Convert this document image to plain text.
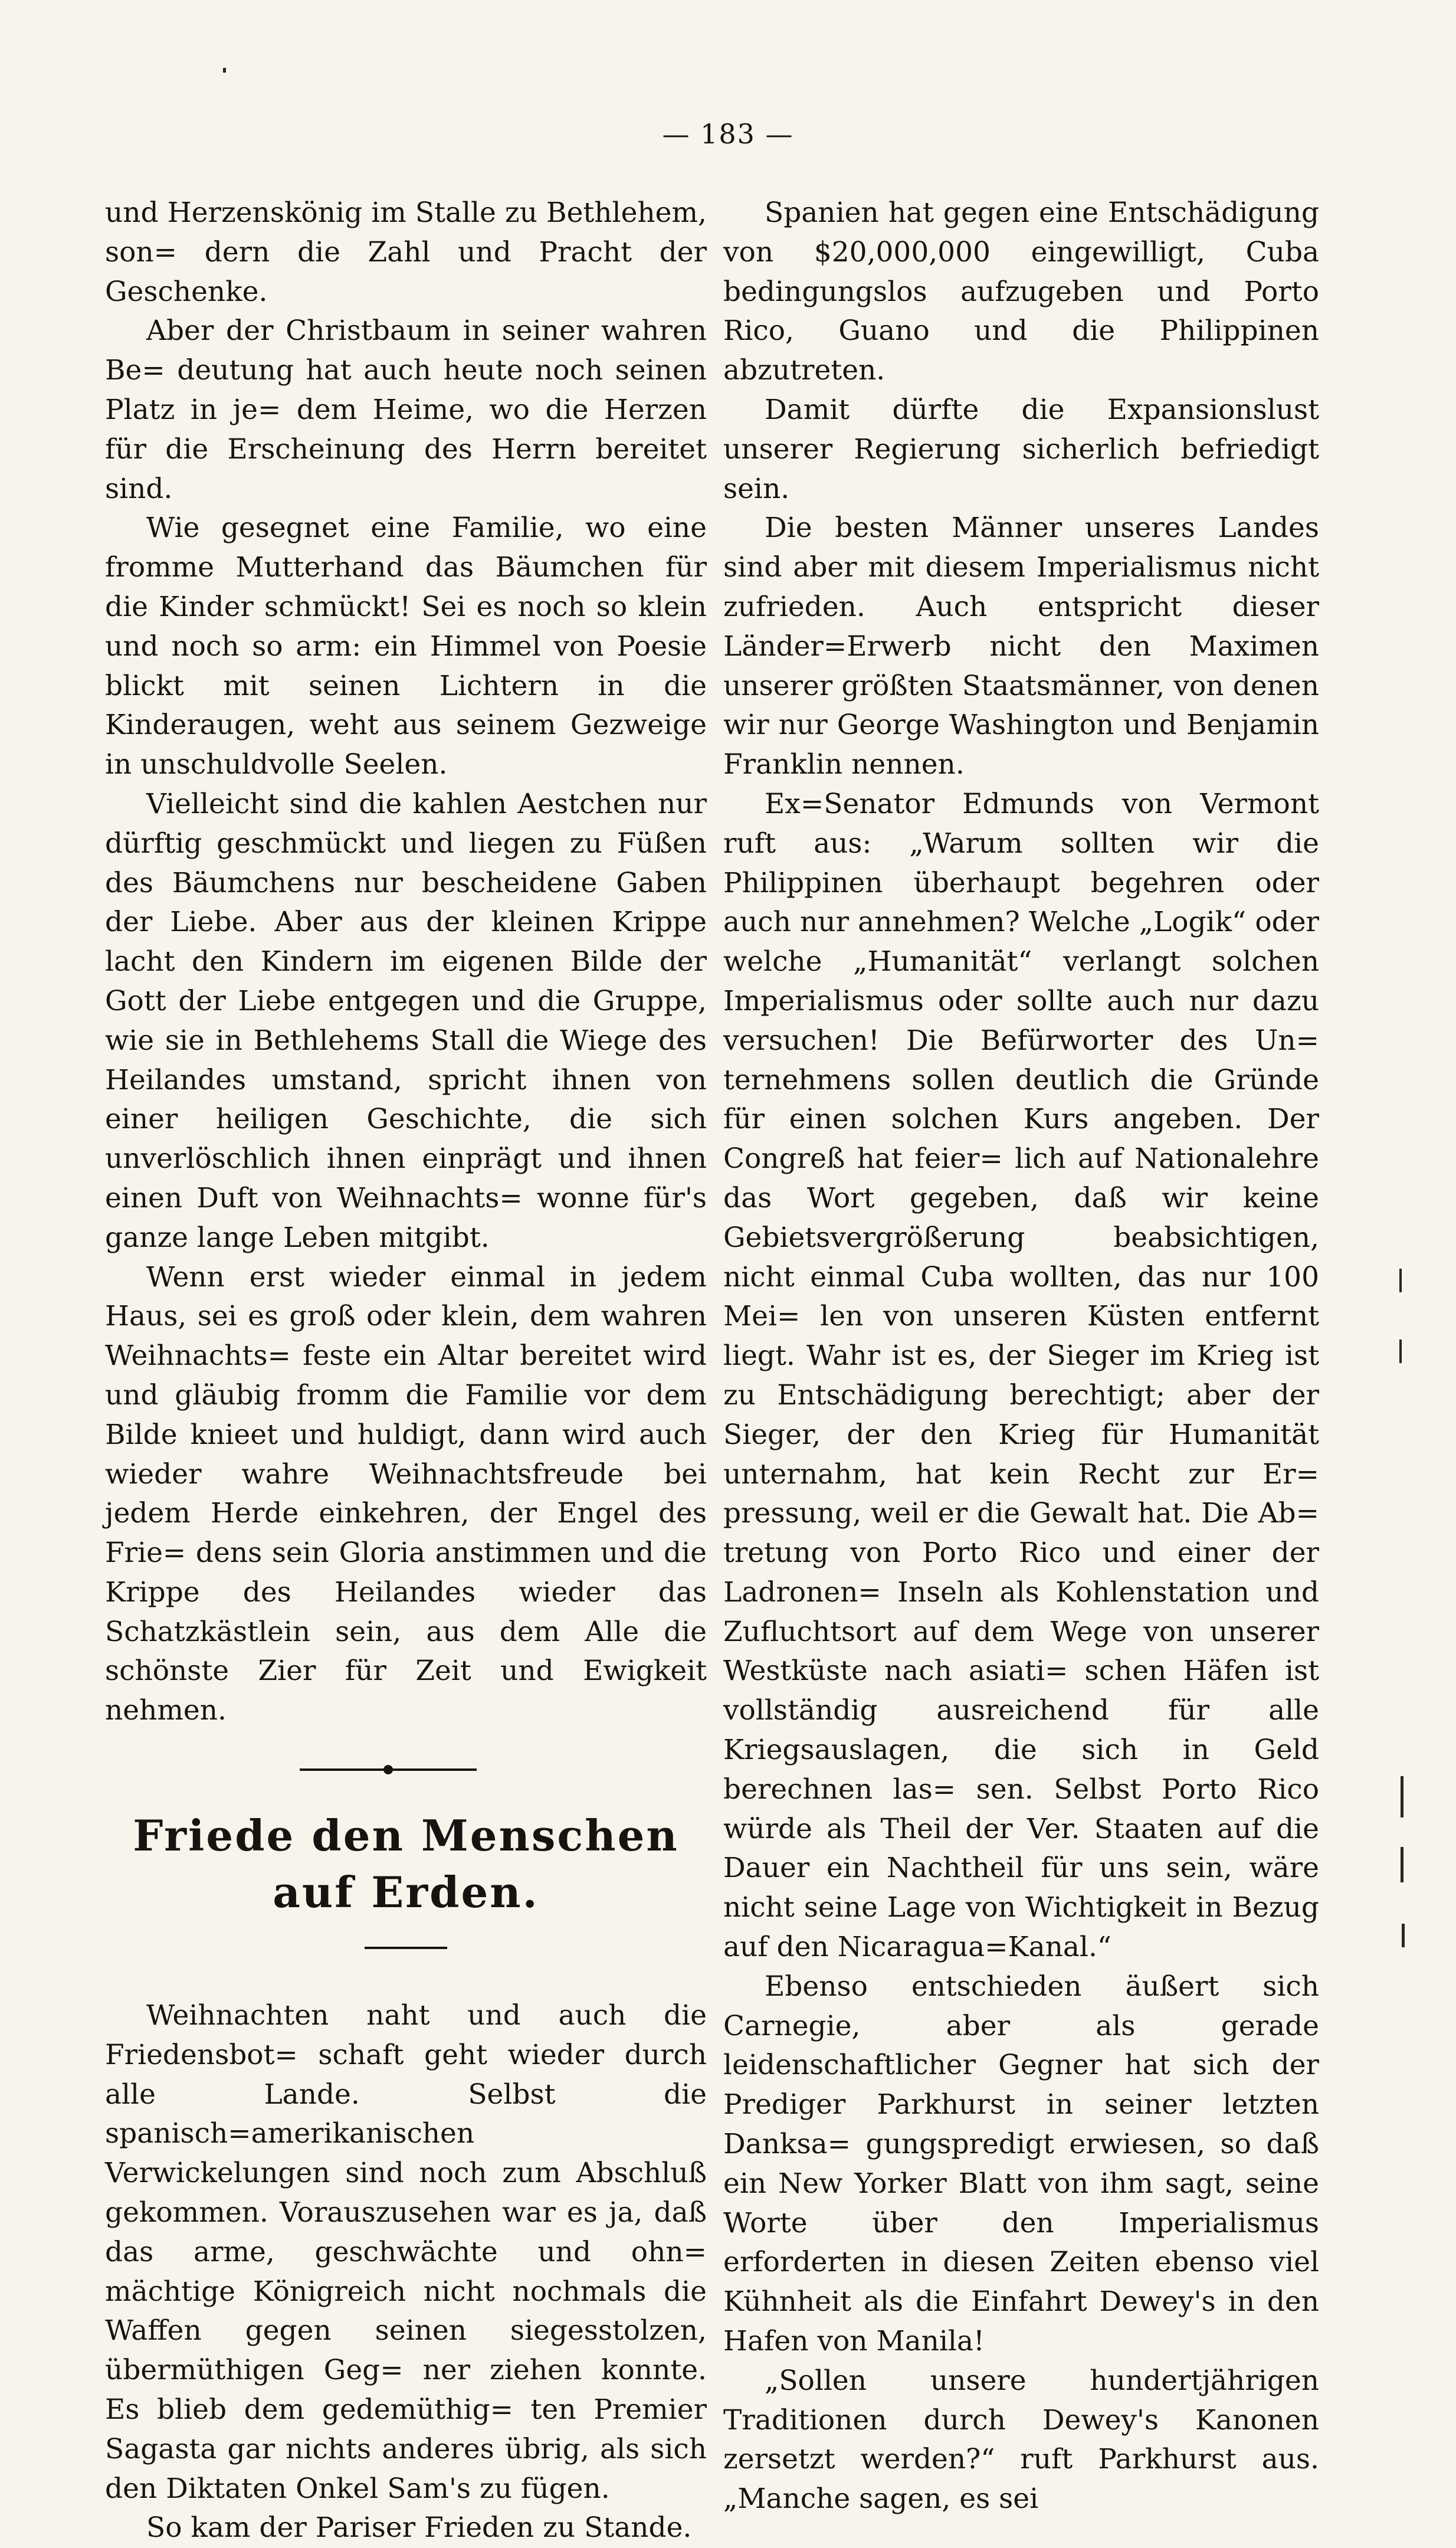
— 183 —

und Herzenskönig im Stalle zu Bethlehem, son= dern die Zahl und Pracht der Geschenke.

Aber der Christbaum in seiner wahren Be= deutung hat auch heute noch seinen Platz in je= dem Heime, wo die Herzen für die Erscheinung des Herrn bereitet sind.

Wie gesegnet eine Familie, wo eine fromme Mutterhand das Bäumchen für die Kinder schmückt! Sei es noch so klein und noch so arm: ein Himmel von Poesie blickt mit seinen Lichtern in die Kinderaugen, weht aus seinem Gezweige in unschuldvolle Seelen.

Vielleicht sind die kahlen Aestchen nur dürftig geschmückt und liegen zu Füßen des Bäumchens nur bescheidene Gaben der Liebe. Aber aus der kleinen Krippe lacht den Kindern im eigenen Bilde der Gott der Liebe entgegen und die Gruppe, wie sie in Bethlehems Stall die Wiege des Heilandes umstand, spricht ihnen von einer heiligen Geschichte, die sich unverlöschlich ihnen einprägt und ihnen einen Duft von Weihnachts= wonne für's ganze lange Leben mitgibt.

Wenn erst wieder einmal in jedem Haus, sei es groß oder klein, dem wahren Weihnachts= feste ein Altar bereitet wird und gläubig fromm die Familie vor dem Bilde knieet und huldigt, dann wird auch wieder wahre Weihnachtsfreude bei jedem Herde einkehren, der Engel des Frie= dens sein Gloria anstimmen und die Krippe des Heilandes wieder das Schatzkästlein sein, aus dem Alle die schönste Zier für Zeit und Ewigkeit nehmen.

Friede den Menschen auf Erden.

Weihnachten naht und auch die Friedensbot= schaft geht wieder durch alle Lande. Selbst die spanisch=amerikanischen Verwickelungen sind noch zum Abschluß gekommen. Vorauszusehen war es ja, daß das arme, geschwächte und ohn= mächtige Königreich nicht nochmals die Waffen gegen seinen siegesstolzen, übermüthigen Geg= ner ziehen konnte. Es blieb dem gedemüthig= ten Premier Sagasta gar nichts anderes übrig, als sich den Diktaten Onkel Sam's zu fügen.

So kam der Pariser Frieden zu Stande.

Spanien hat gegen eine Entschädigung von $20,000,000 eingewilligt, Cuba bedingungslos aufzugeben und Porto Rico, Guano und die Philippinen abzutreten.

Damit dürfte die Expansionslust unserer Regierung sicherlich befriedigt sein.

Die besten Männer unseres Landes sind aber mit diesem Imperialismus nicht zufrieden. Auch entspricht dieser Länder=Erwerb nicht den Maximen unserer größten Staatsmänner, von denen wir nur George Washington und Benjamin Franklin nennen.

Ex=Senator Edmunds von Vermont ruft aus: „Warum sollten wir die Philippinen überhaupt begehren oder auch nur annehmen? Welche „Logik“ oder welche „Humanität“ verlangt solchen Imperialismus oder sollte auch nur dazu versuchen! Die Befürworter des Un= ternehmens sollen deutlich die Gründe für einen solchen Kurs angeben. Der Congreß hat feier= lich auf Nationalehre das Wort gegeben, daß wir keine Gebietsvergrößerung beabsichtigen, nicht einmal Cuba wollten, das nur 100 Mei= len von unseren Küsten entfernt liegt. Wahr ist es, der Sieger im Krieg ist zu Entschädigung berechtigt; aber der Sieger, der den Krieg für Humanität unternahm, hat kein Recht zur Er= pressung, weil er die Gewalt hat. Die Ab= tretung von Porto Rico und einer der Ladronen= Inseln als Kohlenstation und Zufluchtsort auf dem Wege von unserer Westküste nach asiati= schen Häfen ist vollständig ausreichend für alle Kriegsauslagen, die sich in Geld berechnen las= sen. Selbst Porto Rico würde als Theil der Ver. Staaten auf die Dauer ein Nachtheil für uns sein, wäre nicht seine Lage von Wichtigkeit in Bezug auf den Nicaragua=Kanal.“

Ebenso entschieden äußert sich Carnegie, aber als gerade leidenschaftlicher Gegner hat sich der Prediger Parkhurst in seiner letzten Danksa= gungspredigt erwiesen, so daß ein New Yorker Blatt von ihm sagt, seine Worte über den Imperialismus erforderten in diesen Zeiten ebenso viel Kühnheit als die Einfahrt Dewey's in den Hafen von Manila!

„Sollen unsere hundertjährigen Traditionen durch Dewey's Kanonen zersetzt werden?“ ruft Parkhurst aus. „Manche sagen, es sei
